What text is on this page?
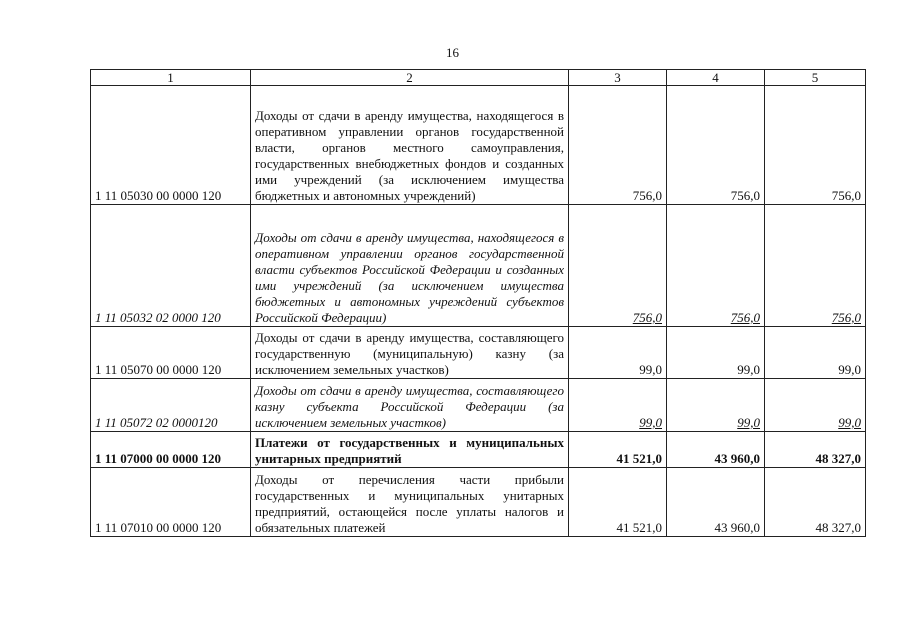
16
1	2	3	4	5
1 11 05030 00 0000 120	Доходы от сдачи в аренду имущества, находящегося в оперативном управлении органов государственной власти, органов местного самоуправления, государственных внебюджетных фондов и созданных ими учреждений (за исключением имущества бюджетных и автономных учреждений)	756,0	756,0	756,0
1 11 05032 02 0000 120	Доходы от сдачи в аренду имущества, находящегося в оперативном управлении органов государственной власти субъектов Российской Федерации и созданных ими учреждений (за исключением имущества бюджетных и автономных учреждений субъектов Российской Федерации)	756,0	756,0	756,0
1 11 05070 00 0000 120	Доходы от сдачи в аренду имущества, составляющего государственную (муниципальную) казну (за исключением земельных участков)	99,0	99,0	99,0
1 11 05072 02 0000120	Доходы от сдачи в аренду имущества, составляющего казну субъекта Российской Федерации (за исключением земельных участков)	99,0	99,0	99,0
1 11 07000 00 0000 120	Платежи от государственных и муниципальных унитарных предприятий	41 521,0	43 960,0	48 327,0
1 11 07010 00 0000 120	Доходы от перечисления части прибыли государственных и муниципальных унитарных предприятий, остающейся после уплаты налогов и обязательных платежей	41 521,0	43 960,0	48 327,0
